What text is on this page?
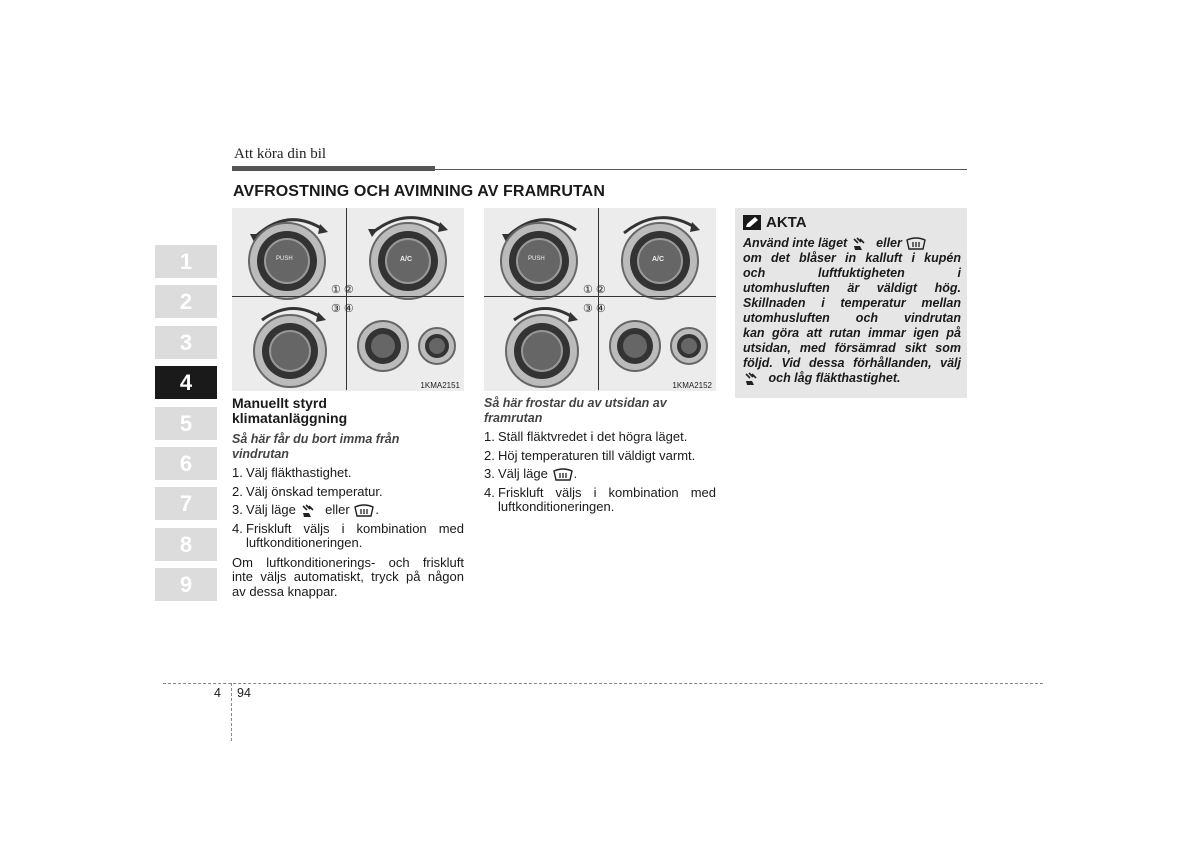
Att köra din bil
AVFROSTNING OCH AVIMNING AV FRAMRUTAN
1
2
3
4
5
6
7
8
9
PUSH	A/C
① ②
③ ④
1KMA2151
PUSH	A/C
① ②
③ ④
1KMA2152
Manuellt styrd
klimatanläggning
Så här får du bort imma från
vindrutan
1. Välj fläkthastighet.
2. Välj önskad temperatur.
3. Välj läge eller .
4. Friskluft väljs i kombination med
luftkonditioneringen.
Om luftkonditionerings- och friskluft
inte väljs automatiskt, tryck på någon
av dessa knappar.
Så här frostar du av utsidan av
framrutan
1. Ställ fläktvredet i det högra läget.
2. Höj temperaturen till väldigt varmt.
3. Välj läge .
4. Friskluft väljs i kombination med
luftkonditioneringen.
AKTA
Använd inte läget eller
om det blåser in kalluft i kupén
och luftfuktigheten i
utomhusluften är väldigt hög.
Skillnaden i temperatur mellan
utomhusluften och vindrutan
kan göra att rutan immar igen på
utsidan, med försämrad sikt som
följd. Vid dessa förhållanden, välj
och låg fläkthastighet.
4 94
